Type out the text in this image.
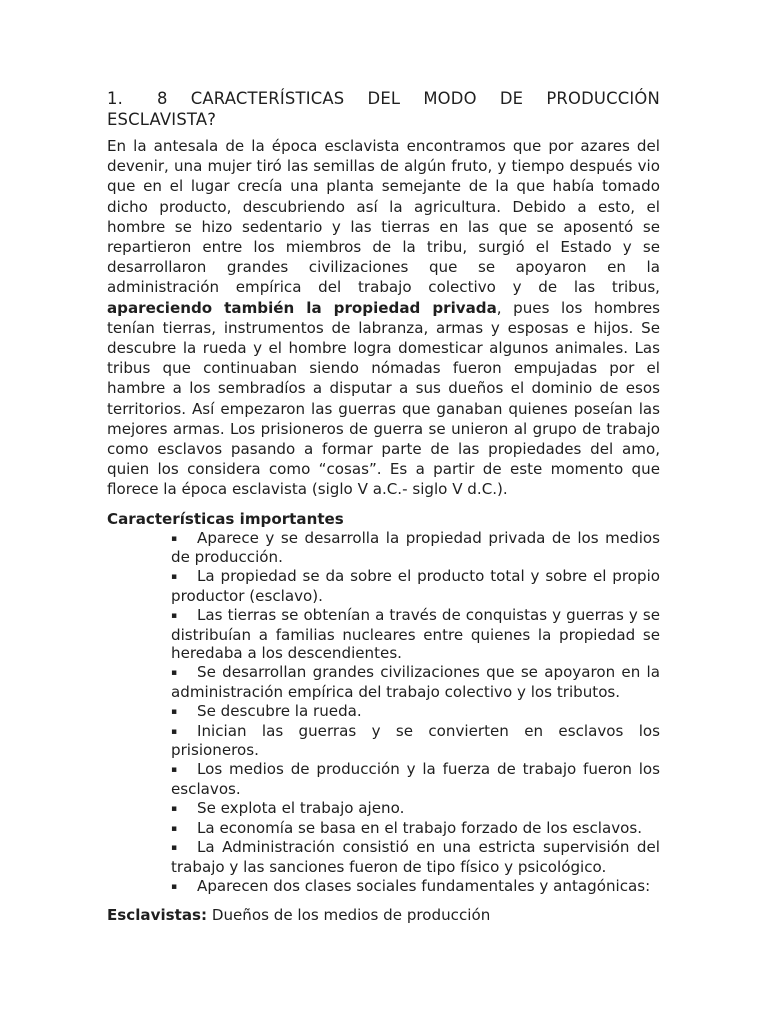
1. 8 CARACTERÍSTICAS DEL MODO DE PRODUCCIÓN ESCLAVISTA?

En la antesala de la época esclavista encontramos que por azares del devenir, una mujer tiró las semillas de algún fruto, y tiempo después vio que en el lugar crecía una planta semejante de la que había tomado dicho producto, descubriendo así la agricultura. Debido a esto, el hombre se hizo sedentario y las tierras en las que se aposentó se repartieron entre los miembros de la tribu, surgió el Estado y se desarrollaron grandes civilizaciones que se apoyaron en la administración empírica del trabajo colectivo y de las tribus, apareciendo también la propiedad privada, pues los hombres tenían tierras, instrumentos de labranza, armas y esposas e hijos. Se descubre la rueda y el hombre logra domesticar algunos animales. Las tribus que continuaban siendo nómadas fueron empujadas por el hambre a los sembradíos a disputar a sus dueños el dominio de esos territorios. Así empezaron las guerras que ganaban quienes poseían las mejores armas. Los prisioneros de guerra se unieron al grupo de trabajo como esclavos pasando a formar parte de las propiedades del amo, quien los considera como “cosas”. Es a partir de este momento que florece la época esclavista (siglo V a.C.- siglo V d.C.).

Características importantes

▪ Aparece y se desarrolla la propiedad privada de los medios de producción.
▪ La propiedad se da sobre el producto total y sobre el propio productor (esclavo).
▪ Las tierras se obtenían a través de conquistas y guerras y se distribuían a familias nucleares entre quienes la propiedad se heredaba a los descendientes.
▪ Se desarrollan grandes civilizaciones que se apoyaron en la administración empírica del trabajo colectivo y los tributos.
▪ Se descubre la rueda.
▪ Inician las guerras y se convierten en esclavos los prisioneros.
▪ Los medios de producción y la fuerza de trabajo fueron los esclavos.
▪ Se explota el trabajo ajeno.
▪ La economía se basa en el trabajo forzado de los esclavos.
▪ La Administración consistió en una estricta supervisión del trabajo y las sanciones fueron de tipo físico y psicológico.
▪ Aparecen dos clases sociales fundamentales y antagónicas:

Esclavistas: Dueños de los medios de producción
